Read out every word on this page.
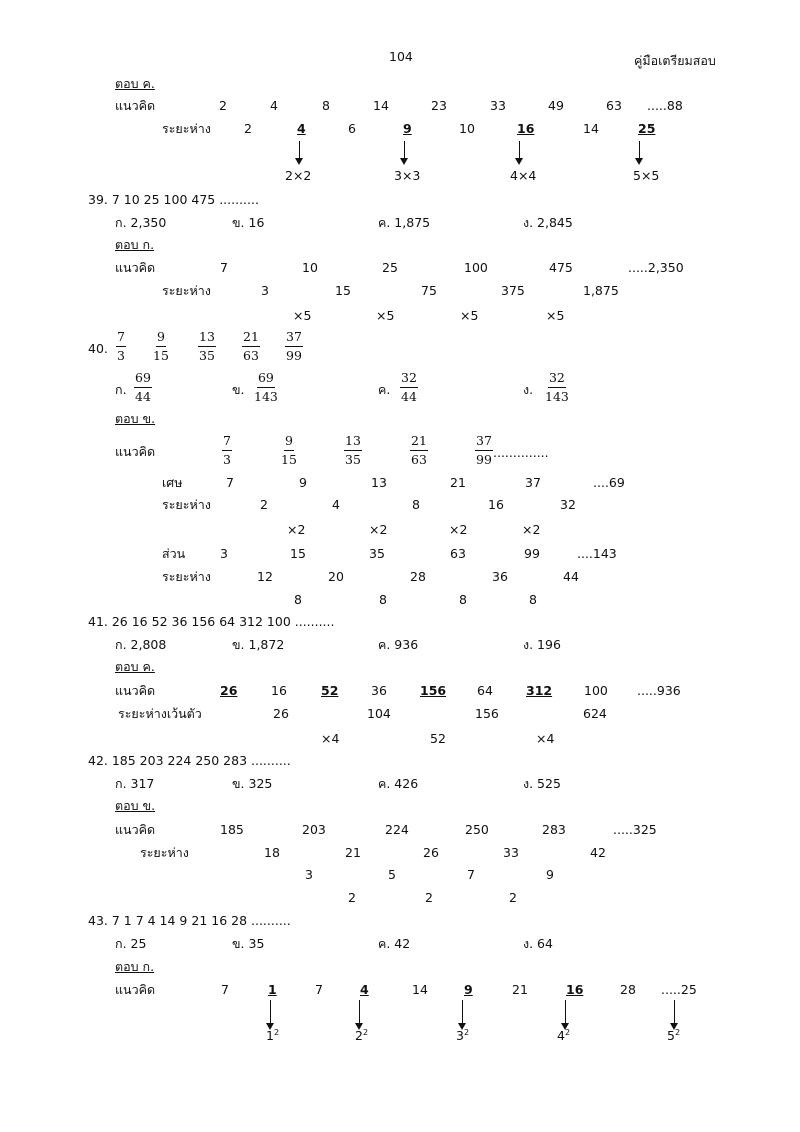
104	คู่มือเตรียมสอบ
ตอบ ค.
แนวคิด	2	4	8	14	23	33	49	63 .....88
ระยะห่าง	2	4	6	9	10	16	14	25
2×2	3×3	4×4	5×5
39. 7 10 25 100 475 ..........
ก. 2,350	ข. 16	ค. 1,875	ง. 2,845
ตอบ ก.
แนวคิด	7	10	25	100	475	.....2,350
ระยะห่าง	3	15	75	375	1,875
×5	×5	×5	×5
40. $\frac{7}{3} \frac{9}{15} \frac{13}{35} \frac{21}{63} \frac{37}{99}$
ก. $\frac{69}{44}$	ข. $\frac{69}{143}$	ค. $\frac{32}{44}$	ง. $\frac{32}{143}$
ตอบ ข.
แนวคิด	$\frac{7}{3}$	$\frac{9}{15}$	$\frac{13}{35}$	$\frac{21}{63}$	$\frac{37}{99}$ ..............
เศษ	7	9	13	21	37	....69
ระยะห่าง	2	4	8	16	32
×2	×2	×2	×2
ส่วน	3	15	35	63	99	....143
ระยะห่าง	12	20	28	36	44
8	8	8	8
41. 26 16 52 36 156 64 312 100 ..........
ก. 2,808	ข. 1,872	ค. 936	ง. 196
ตอบ ค.
แนวคิด	26	16	52	36	156 64	312	100 .....936
ระยะห่างเว้นตัว	26	104	156	624
×4	52	×4
42. 185 203 224 250 283 ..........
ก. 317	ข. 325	ค. 426	ง. 525
ตอบ ข.
แนวคิด	185	203	224	250	283	.....325
ระยะห่าง	18	21	26	33	42
3	5	7	9
2	2	2
43. 7 1 7 4 14 9 21 16 28 ..........
ก. 25	ข. 35	ค. 42	ง. 64
ตอบ ก.
แนวคิด	7	1	7	4	14	9	21	16	28 .....25
$1^2$	$2^2$	$3^2$	$4^2$	$5^2$
